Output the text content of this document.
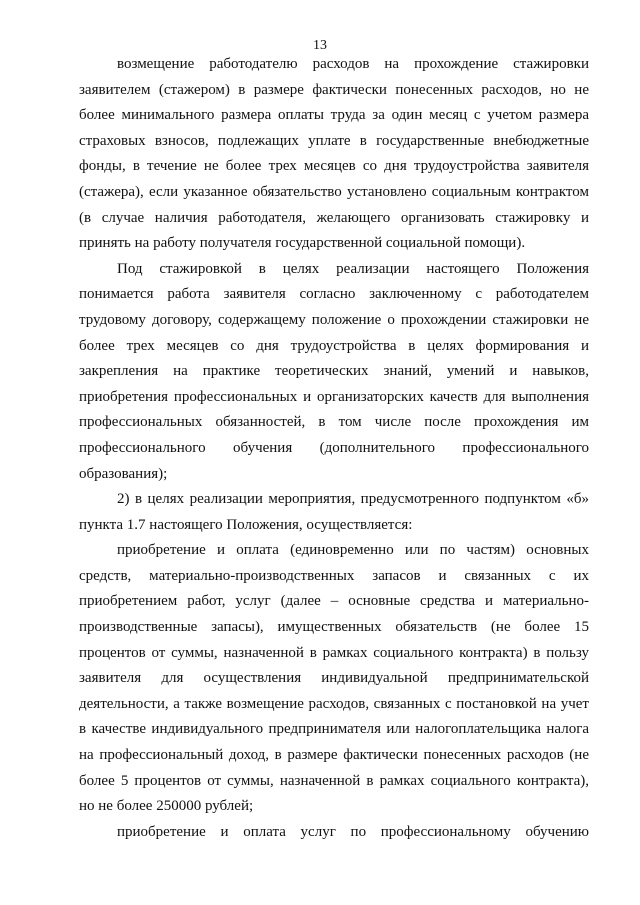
13
возмещение работодателю расходов на прохождение стажировки
заявителем (стажером) в размере фактически понесенных расходов, но не
более минимального размера оплаты труда за один месяц с учетом размера
страховых взносов, подлежащих уплате в государственные внебюджетные
фонды, в течение не более трех месяцев со дня трудоустройства заявителя
(стажера), если указанное обязательство установлено социальным контрактом
(в случае наличия работодателя, желающего организовать стажировку и
принять на работу получателя государственной социальной помощи).
Под стажировкой в целях реализации настоящего Положения
понимается работа заявителя согласно заключенному с работодателем
трудовому договору, содержащему положение о прохождении стажировки не
более трех месяцев со дня трудоустройства в целях формирования и
закрепления на практике теоретических знаний, умений и навыков,
приобретения профессиональных и организаторских качеств для выполнения
профессиональных обязанностей, в том числе после прохождения им
профессионального обучения (дополнительного профессионального
образования);
2) в целях реализации мероприятия, предусмотренного подпунктом «б»
пункта 1.7 настоящего Положения, осуществляется:
приобретение и оплата (единовременно или по частям) основных
средств, материально-производственных запасов и связанных с их
приобретением работ, услуг (далее – основные средства и материально-
производственные запасы), имущественных обязательств (не более 15
процентов от суммы, назначенной в рамках социального контракта) в пользу
заявителя для осуществления индивидуальной предпринимательской
деятельности, а также возмещение расходов, связанных с постановкой на учет
в качестве индивидуального предпринимателя или налогоплательщика налога
на профессиональный доход, в размере фактически понесенных расходов (не
более 5 процентов от суммы, назначенной в рамках социального контракта),
но не более 250000 рублей;
приобретение и оплата услуг по профессиональному обучению
